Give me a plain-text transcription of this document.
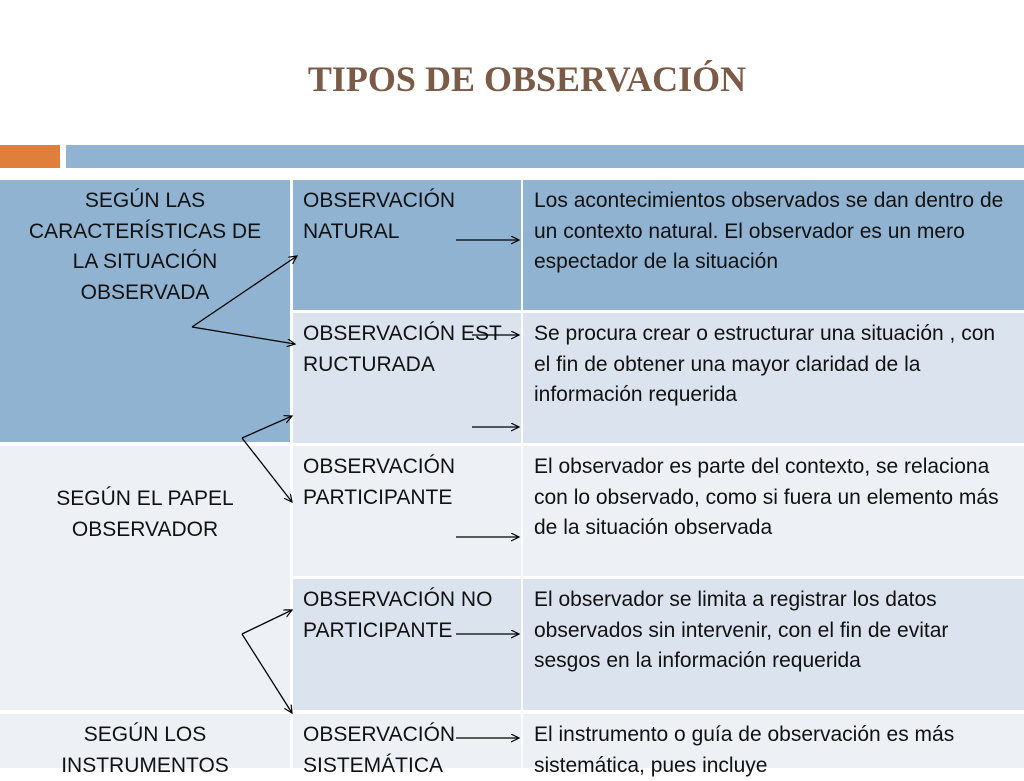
TIPOS DE OBSERVACIÓN
SEGÚN LAS CARACTERÍSTICAS DE LA SITUACIÓN OBSERVADA
SEGÚN EL PAPEL OBSERVADOR
SEGÚN LOS INSTRUMENTOS
OBSERVACIÓN NATURAL
OBSERVACIÓN ESTRUCTURADA
OBSERVACIÓN PARTICIPANTE
OBSERVACIÓN NO PARTICIPANTE
OBSERVACIÓN SISTEMÁTICA
Los acontecimientos observados se dan dentro de un contexto natural. El observador es un mero espectador de la situación
Se procura crear o estructurar una situación , con el fin de obtener una mayor claridad de la información requerida
El observador es parte del contexto, se relaciona con lo observado, como si fuera un elemento más de la situación observada
El observador se limita a registrar los datos observados sin intervenir, con el fin de evitar sesgos en la información requerida
El instrumento o guía de observación es más sistemática, pues incluye
